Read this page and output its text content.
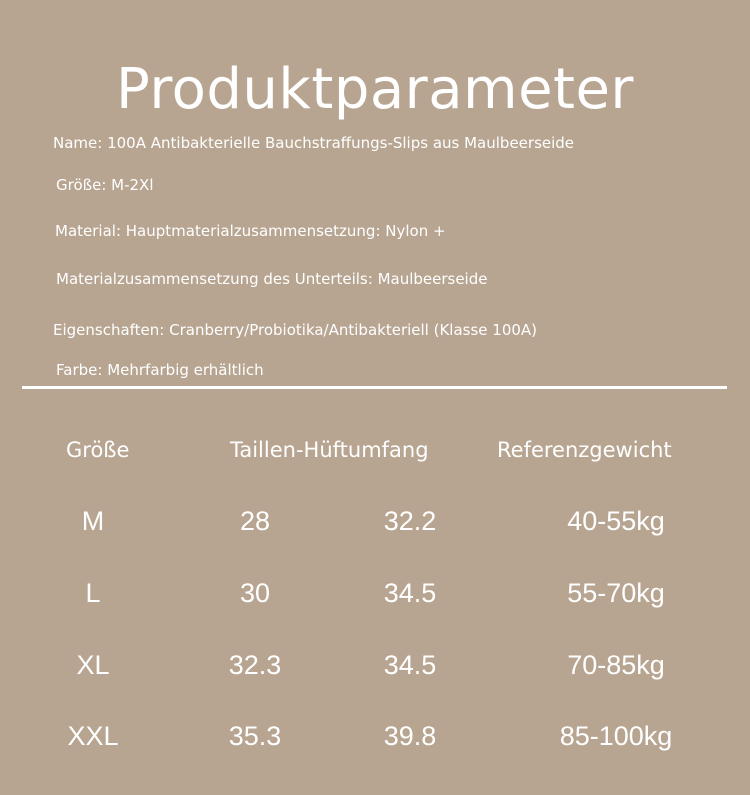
Produktparameter
Name: 100A Antibakterielle Bauchstraffungs-Slips aus Maulbeerseide
Größe: M-2Xl
Material: Hauptmaterialzusammensetzung: Nylon +
Materialzusammensetzung des Unterteils: Maulbeerseide
Eigenschaften: Cranberry/Probiotika/Antibakteriell (Klasse 100A)
Farbe: Mehrfarbig erhältlich
Größe	Taillen-Hüftumfang	Referenzgewicht
M	28	32.2	40-55kg
L	30	34.5	55-70kg
XL	32.3	34.5	70-85kg
XXL	35.3	39.8	85-100kg
